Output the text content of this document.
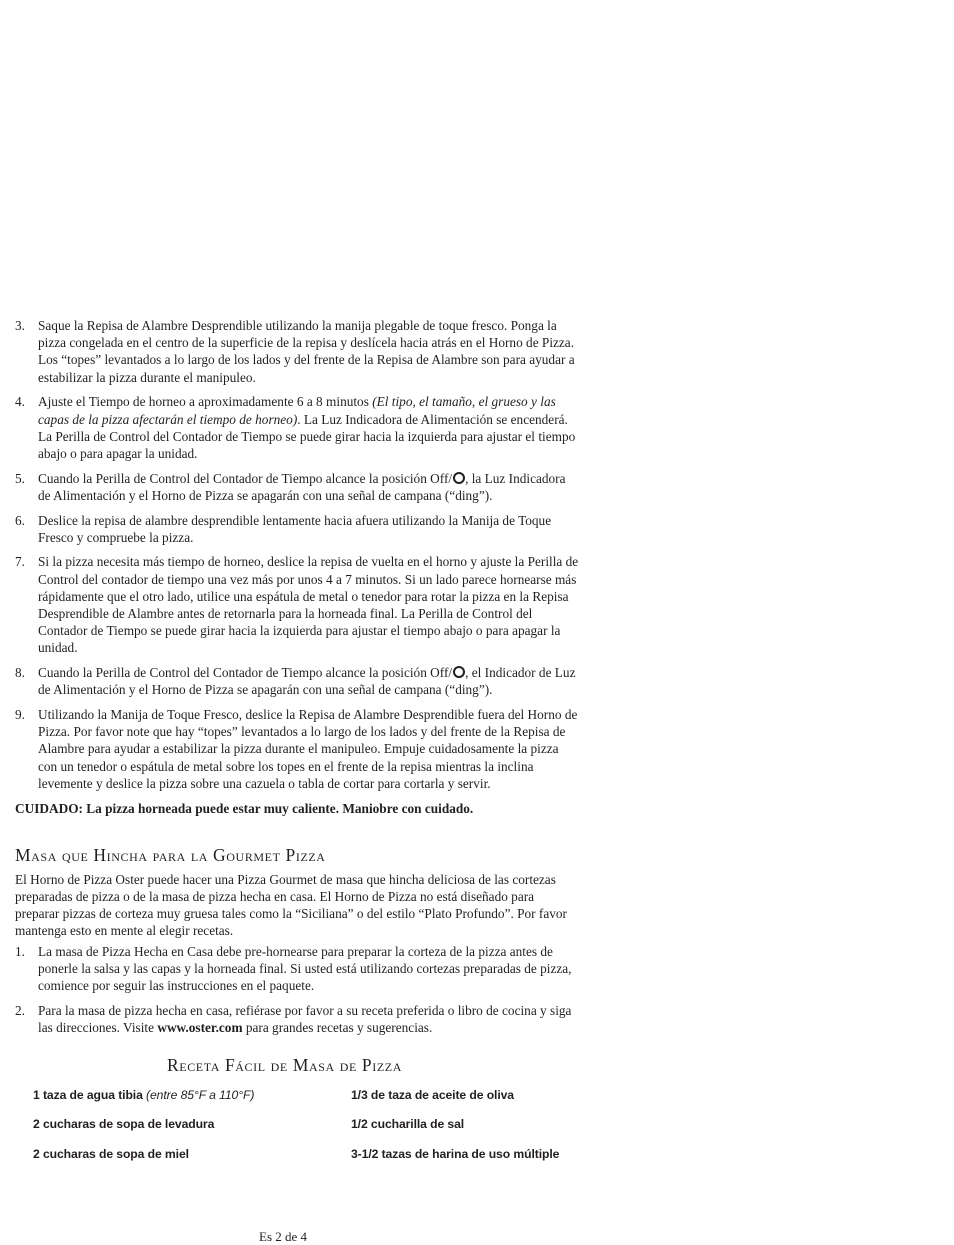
3. Saque la Repisa de Alambre Desprendible utilizando la manija plegable de toque fresco. Ponga la pizza congelada en el centro de la superficie de la repisa y deslícela hacia atrás en el Horno de Pizza. Los “topes” levantados a lo largo de los lados y del frente de la Repisa de Alambre son para ayudar a estabilizar la pizza durante el manipuleo.
4. Ajuste el Tiempo de horneo a aproximadamente 6 a 8 minutos (El tipo, el tamaño, el grueso y las capas de la pizza afectarán el tiempo de horneo). La Luz Indicadora de Alimentación se encenderá. La Perilla de Control del Contador de Tiempo se puede girar hacia la izquierda para ajustar el tiempo abajo o para apagar la unidad.
5. Cuando la Perilla de Control del Contador de Tiempo alcance la posición Off/ , la Luz Indicadora de Alimentación y el Horno de Pizza se apagarán con una señal de campana (“ding”).
6. Deslice la repisa de alambre desprendible lentamente hacia afuera utilizando la Manija de Toque Fresco y compruebe la pizza.
7. Si la pizza necesita más tiempo de horneo, deslice la repisa de vuelta en el horno y ajuste la Perilla de Control del contador de tiempo una vez más por unos 4 a 7 minutos. Si un lado parece hornearse más rápidamente que el otro lado, utilice una espátula de metal o tenedor para rotar la pizza en la Repisa Desprendible de Alambre antes de retornarla para la horneada final. La Perilla de Control del Contador de Tiempo se puede girar hacia la izquierda para ajustar el tiempo abajo o para apagar la unidad.
8. Cuando la Perilla de Control del Contador de Tiempo alcance la posición Off/ , el Indicador de Luz de Alimentación y el Horno de Pizza se apagarán con una señal de campana (“ding”).
9. Utilizando la Manija de Toque Fresco, deslice la Repisa de Alambre Desprendible fuera del Horno de Pizza. Por favor note que hay “topes” levantados a lo largo de los lados y del frente de la Repisa de Alambre para ayudar a estabilizar la pizza durante el manipuleo. Empuje cuidadosamente la pizza con un tenedor o espátula de metal sobre los topes en el frente de la repisa mientras la inclina levemente y deslice la pizza sobre una cazuela o tabla de cortar para cortarla y servir.
CUIDADO: La pizza horneada puede estar muy caliente. Maniobre con cuidado.
Masa que Hincha para la Gourmet Pizza

El Horno de Pizza Oster puede hacer una Pizza Gourmet de masa que hincha deliciosa de las cortezas preparadas de pizza o de la masa de pizza hecha en casa. El Horno de Pizza no está diseñado para preparar pizzas de corteza muy gruesa tales como la “Siciliana” o del estilo “Plato Profundo”. Por favor mantenga esto en mente al elegir recetas.

1. La masa de Pizza Hecha en Casa debe pre-hornearse para preparar la corteza de la pizza antes de ponerle la salsa y las capas y la horneada final. Si usted está utilizando cortezas preparadas de pizza, comience por seguir las instrucciones en el paquete.
2. Para la masa de pizza hecha en casa, refiérase por favor a su receta preferida o libro de cocina y siga las direcciones. Visite www.oster.com para grandes recetas y sugerencias.
Receta Fácil de Masa de Pizza
1 taza de agua tibia (entre 85°F a 110°F)	1/3 de taza de aceite de oliva
2 cucharas de sopa de levadura	1/2 cucharilla de sal
2 cucharas de sopa de miel	3-1/2 tazas de harina de uso múltiple
Es 2 de 4
